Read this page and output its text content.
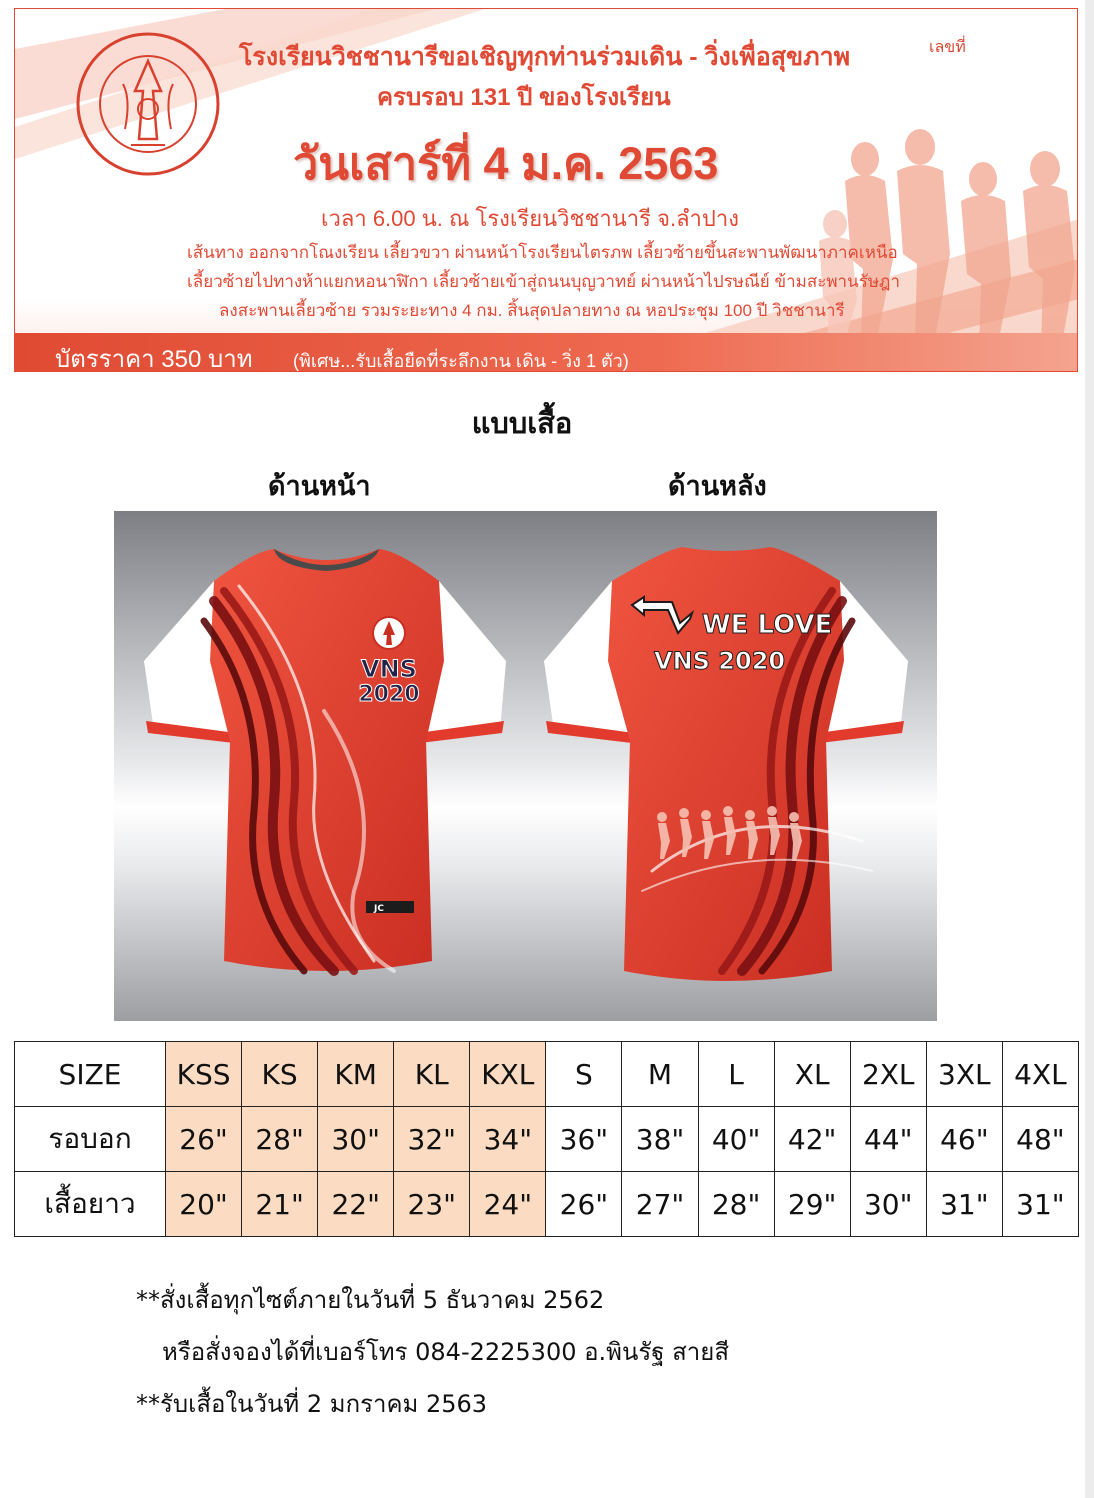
เลขที่
โรงเรียนวิชชานารีขอเชิญทุกท่านร่วมเดิน - วิ่งเพื่อสุขภาพ
ครบรอบ 131 ปี ของโรงเรียน
วันเสาร์ที่ 4 ม.ค. 2563
เวลา 6.00 น. ณ โรงเรียนวิชชานารี จ.ลำปาง
เส้นทาง ออกจากโณงเรียน เลี้ยวขวา ผ่านหน้าโรงเรียนไตรภพ เลี้ยวซ้ายขึ้นสะพานพัฒนาภาคเหนือ
เลี้ยวซ้ายไปทางห้าแยกหอนาฬิกา เลี้ยวซ้ายเข้าสู่ถนนบุญวาทย์ ผ่านหน้าไปรษณีย์ ข้ามสะพานรัษฎา
ลงสะพานเลี้ยวซ้าย รวมระยะทาง 4 กม. สิ้นสุดปลายทาง ณ หอประชุม 100 ปี วิชชานารี
บัตรราคา 350 บาท (พิเศษ...รับเสื้อยืดที่ระลึกงาน เดิน - วิ่ง 1 ตัว)
แบบเสื้อ
ด้านหน้า	ด้านหลัง
VNS
2020
JC
WE LOVE
VNS 2020
SIZE	KSS	KS	KM	KL	KXL	S	M	L	XL	2XL	3XL	4XL
รอบอก	26"	28"	30"	32"	34"	36"	38"	40"	42"	44"	46"	48"
เสื้อยาว	20"	21"	22"	23"	24"	26"	27"	28"	29"	30"	31"	31"
**สั่งเสื้อทุกไซต์ภายในวันที่ 5 ธันวาคม 2562
หรือสั่งจองได้ที่เบอร์โทร 084-2225300 อ.พินรัฐ สายสี
**รับเสื้อในวันที่ 2 มกราคม 2563
